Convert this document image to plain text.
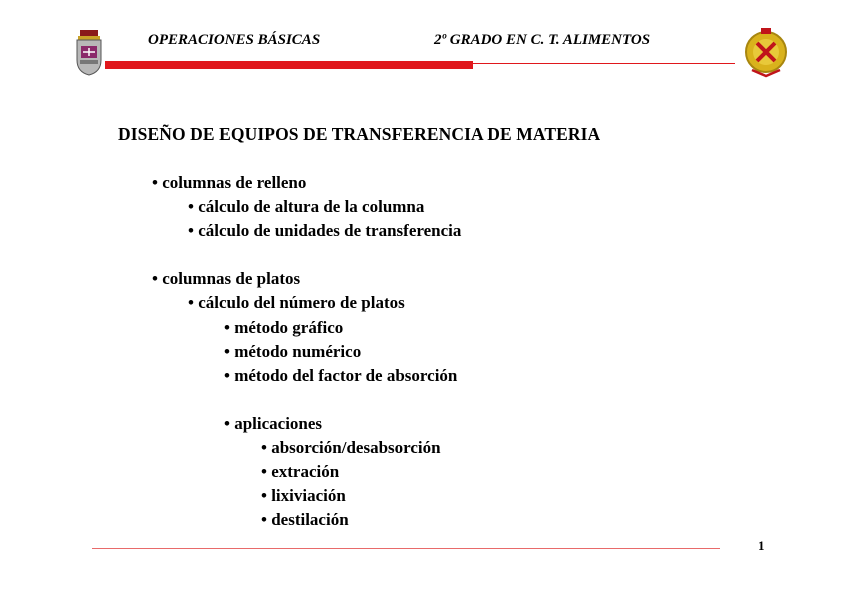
OPERACIONES BÁSICAS	2º GRADO EN C. T. ALIMENTOS
DISEÑO DE EQUIPOS DE TRANSFERENCIA DE MATERIA
• columnas de relleno
• cálculo de altura de la columna
• cálculo de unidades de transferencia
• columnas de platos
• cálculo del número de platos
• método gráfico
• método numérico
• método del factor de absorción
• aplicaciones
• absorción/desabsorción
• extración
• lixiviación
• destilación
1
